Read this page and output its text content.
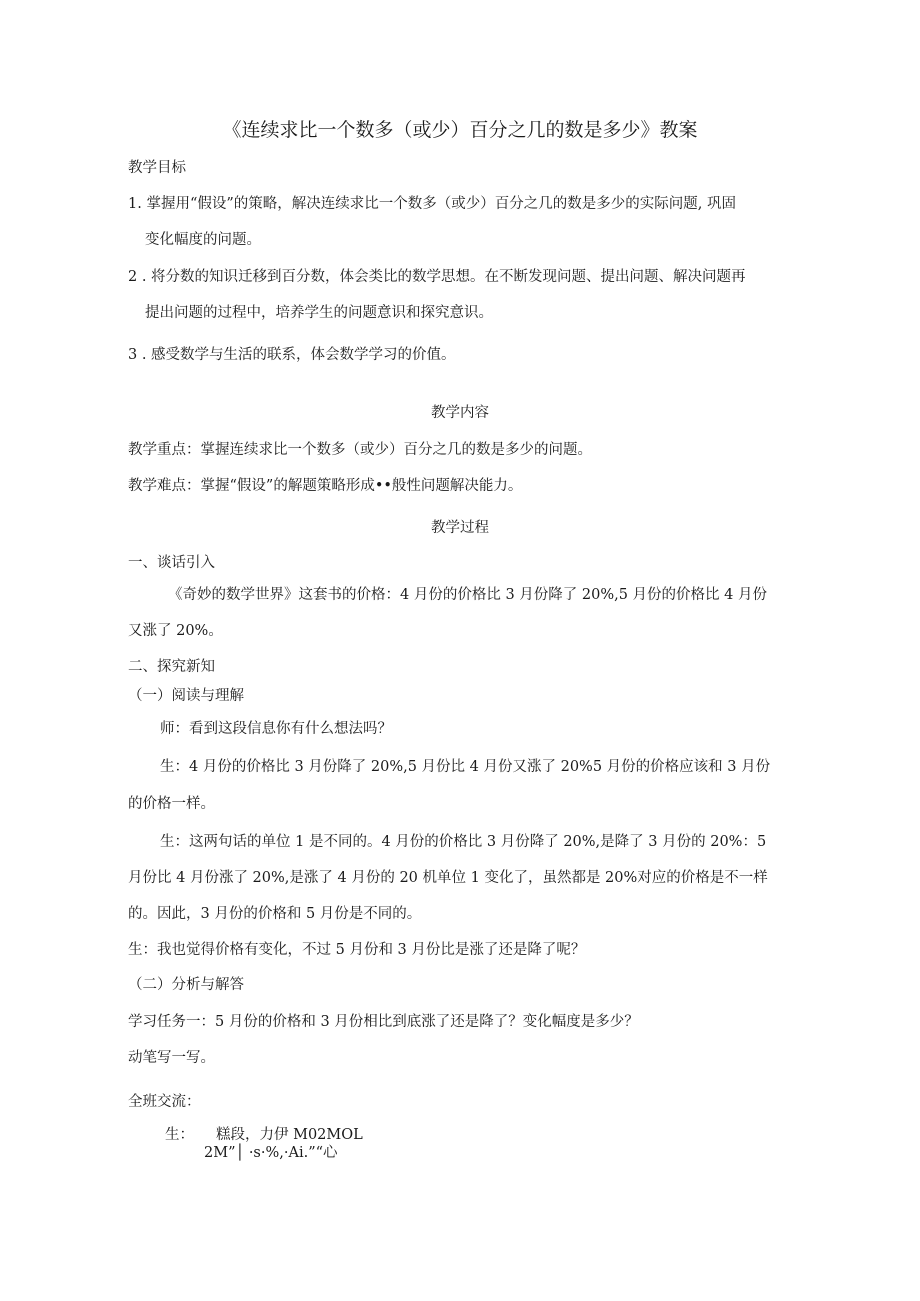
《连续求比一个数多（或少）百分之几的数是多少》教案
教学目标
1. 掌握用“假设”的策略，解决连续求比一个数多（或少）百分之几的数是多少的实际问题, 巩固
变化幅度的问题。
2 . 将分数的知识迁移到百分数，体会类比的数学思想。在不断发现问题、提出问题、解决问题再
提出问题的过程中，培养学生的问题意识和探究意识。
3 . 感受数学与生活的联系，体会数学学习的价值。
教学内容
教学重点：掌握连续求比一个数多（或少）百分之几的数是多少的问题。
教学难点：掌握“假设”的解题策略形成••般性问题解决能力。
教学过程
一、谈话引入
《奇妙的数学世界》这套书的价格：4 月份的价格比 3 月份降了 20%,5 月份的价格比 4 月份
又涨了 20%。
二、探究新知
（一）阅读与理解
师：看到这段信息你有什么想法吗？
生：4 月份的价格比 3 月份降了 20%,5 月份比 4 月份又涨了 20%5 月份的价格应该和 3 月份
的价格一样。
生：这两句话的单位 1 是不同的。4 月份的价格比 3 月份降了 20%,是降了 3 月份的 20%：5
月份比 4 月份涨了 20%,是涨了 4 月份的 20 机单位 1 变化了，虽然都是 20%对应的价格是不一样
的。因此，3 月份的价格和 5 月份是不同的。
生：我也觉得价格有变化，不过 5 月份和 3 月份比是涨了还是降了呢？
（二）分析与解答
学习任务一：5 月份的价格和 3 月份相比到底涨了还是降了？变化幅度是多少？
动笔写一写。
全班交流：
生： 糕段，力伊 M02MOL
2M”│ ·s·%,·Ai.”“心
